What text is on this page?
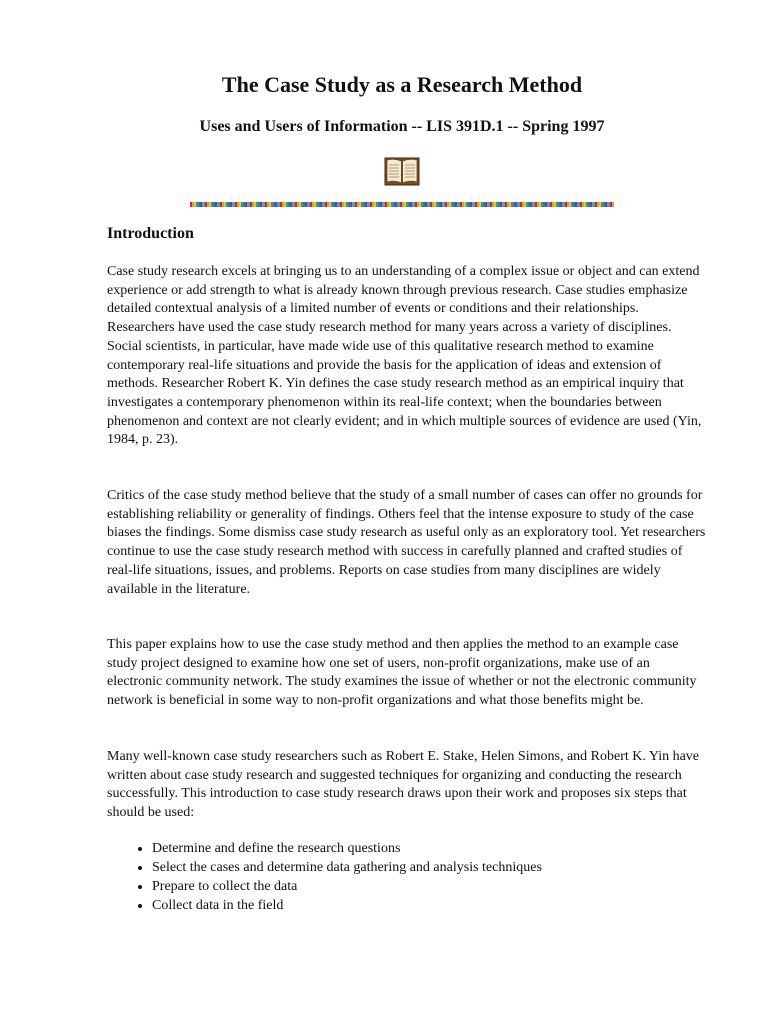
The Case Study as a Research Method
Uses and Users of Information -- LIS 391D.1 -- Spring 1997
Introduction

Case study research excels at bringing us to an understanding of a complex issue or object and can extend experience or add strength to what is already known through previous research. Case studies emphasize detailed contextual analysis of a limited number of events or conditions and their relationships. Researchers have used the case study research method for many years across a variety of disciplines. Social scientists, in particular, have made wide use of this qualitative research method to examine contemporary real-life situations and provide the basis for the application of ideas and extension of methods. Researcher Robert K. Yin defines the case study research method as an empirical inquiry that investigates a contemporary phenomenon within its real-life context; when the boundaries between phenomenon and context are not clearly evident; and in which multiple sources of evidence are used (Yin, 1984, p. 23).

Critics of the case study method believe that the study of a small number of cases can offer no grounds for establishing reliability or generality of findings. Others feel that the intense exposure to study of the case biases the findings. Some dismiss case study research as useful only as an exploratory tool. Yet researchers continue to use the case study research method with success in carefully planned and crafted studies of real-life situations, issues, and problems. Reports on case studies from many disciplines are widely available in the literature.

This paper explains how to use the case study method and then applies the method to an example case study project designed to examine how one set of users, non-profit organizations, make use of an electronic community network. The study examines the issue of whether or not the electronic community network is beneficial in some way to non-profit organizations and what those benefits might be.

Many well-known case study researchers such as Robert E. Stake, Helen Simons, and Robert K. Yin have written about case study research and suggested techniques for organizing and conducting the research successfully. This introduction to case study research draws upon their work and proposes six steps that should be used:

• Determine and define the research questions
• Select the cases and determine data gathering and analysis techniques
• Prepare to collect the data
• Collect data in the field
